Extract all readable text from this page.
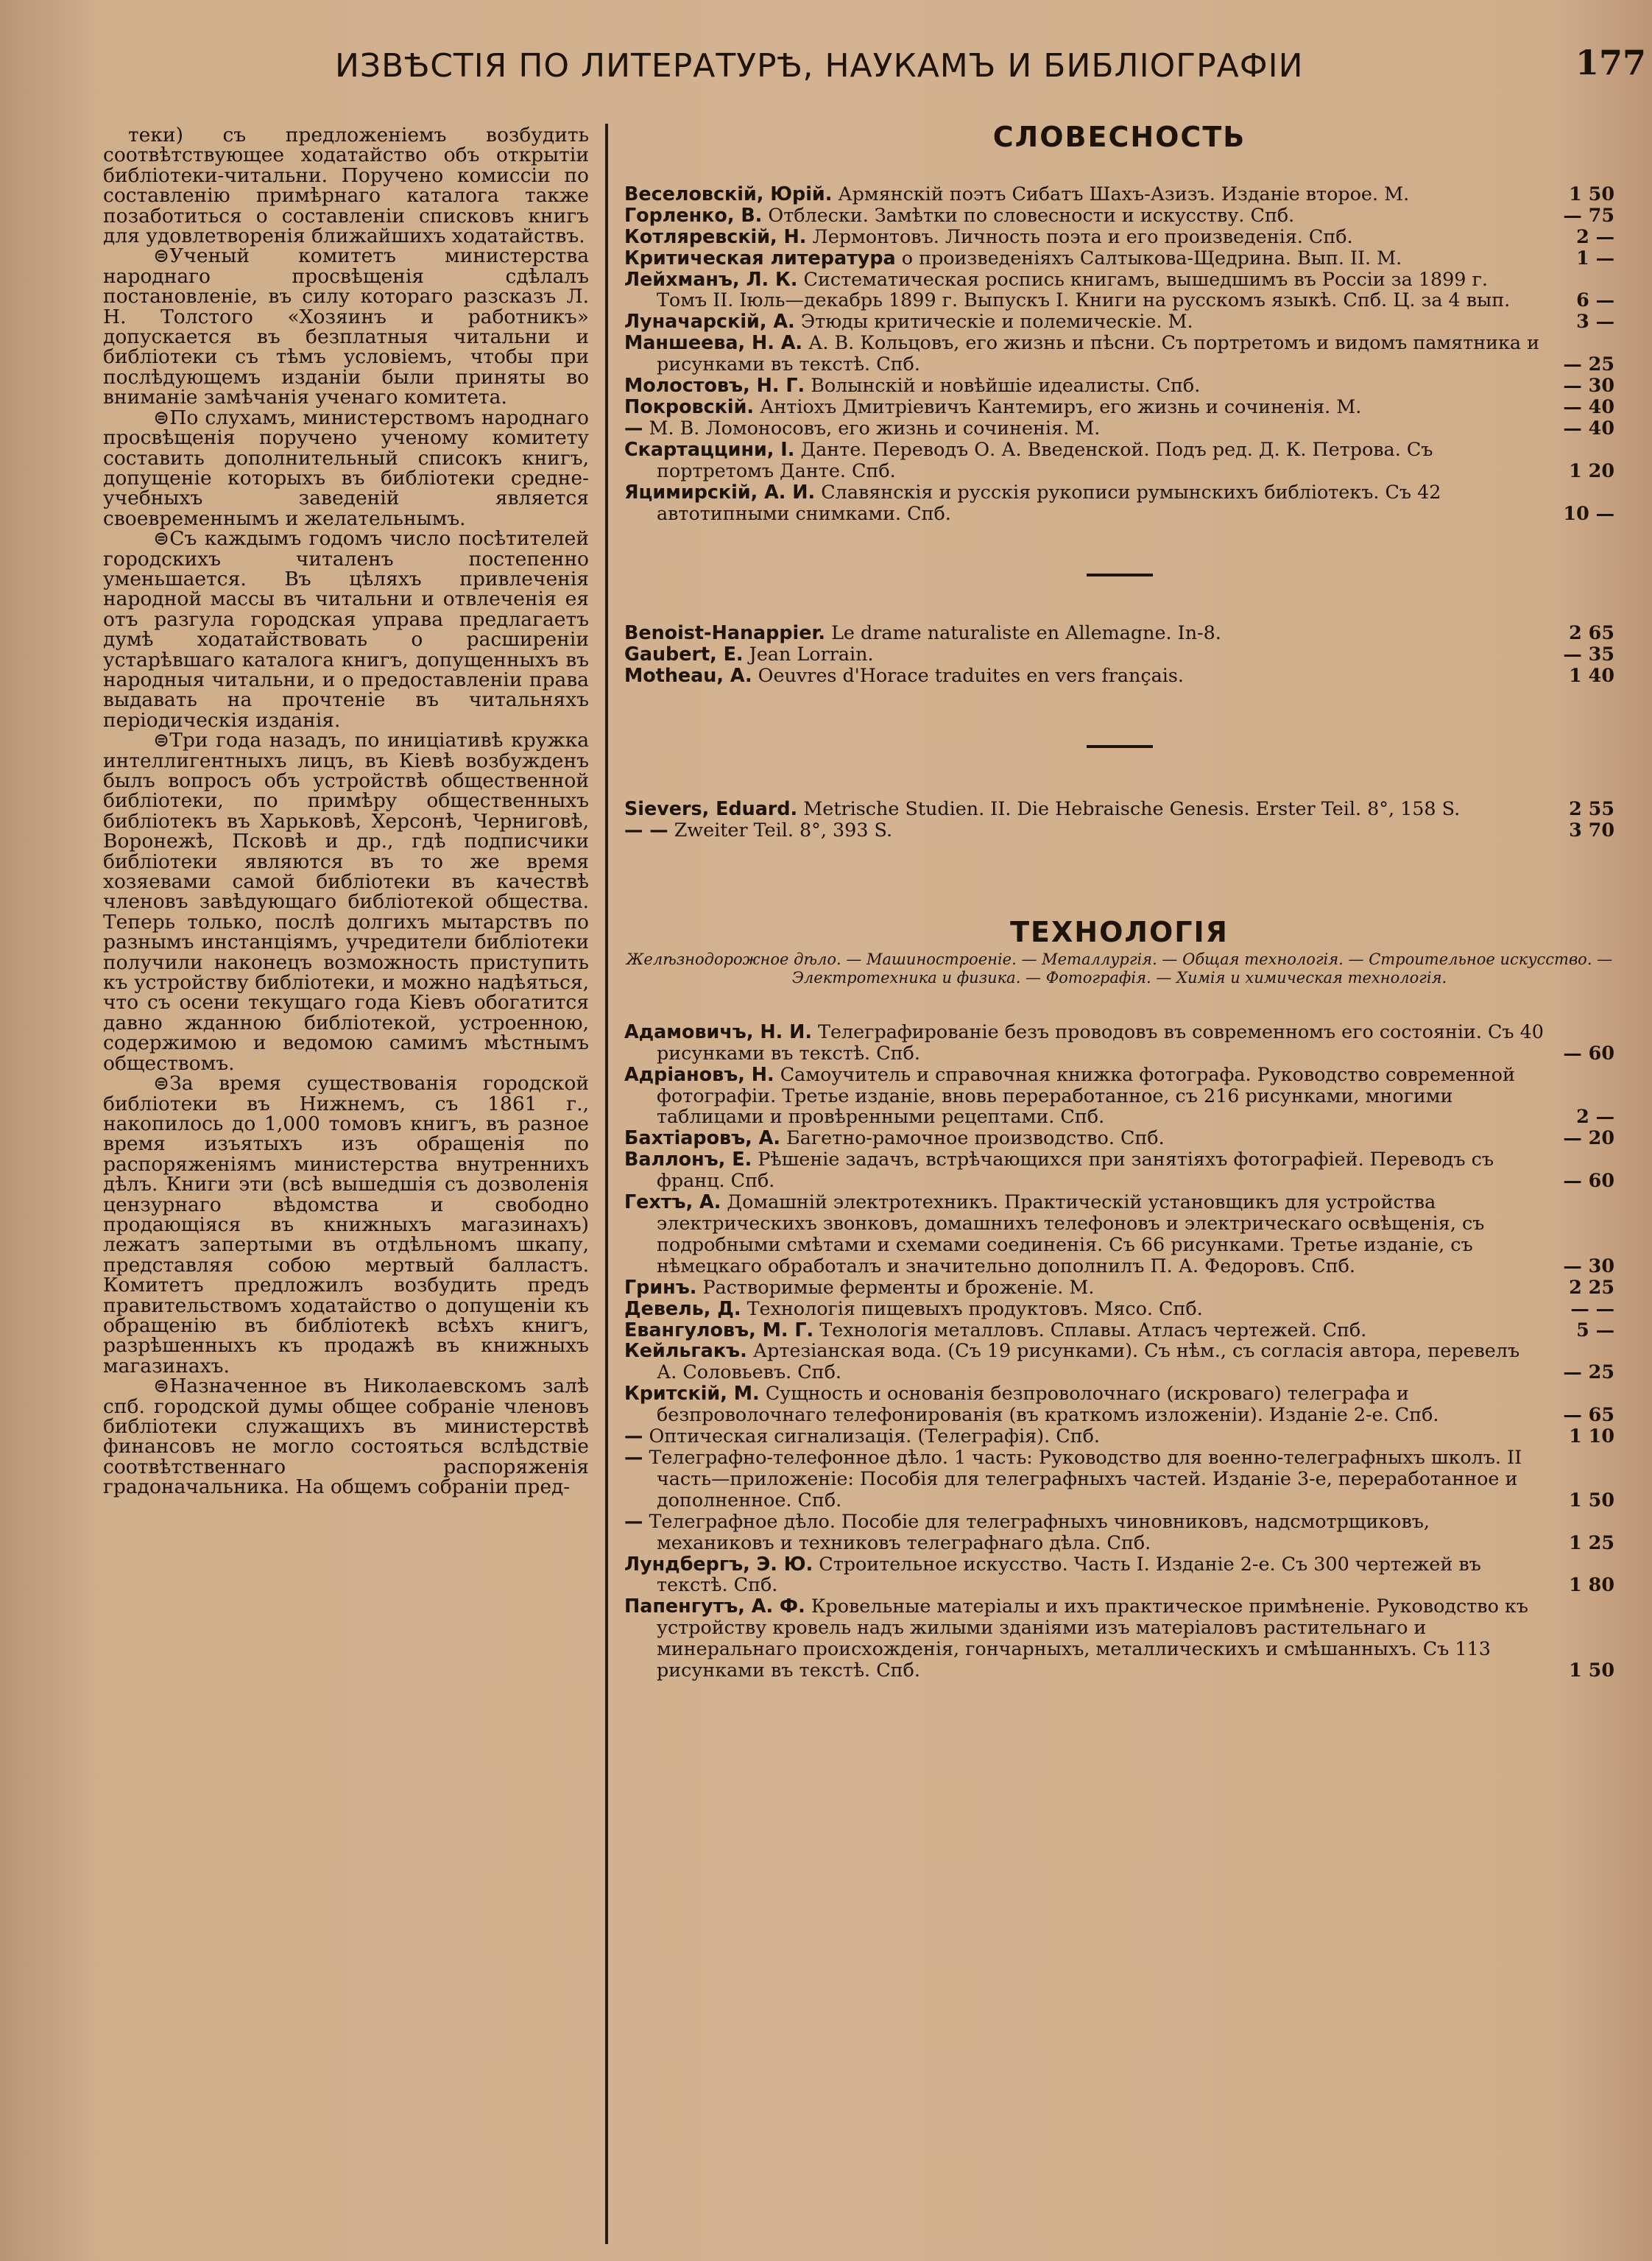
ИЗВѢСТІЯ ПО ЛИТЕРАТУРѢ, НАУКАМЪ И БИБЛІОГРАФІИ	177
теки) съ предложеніемъ возбудить соотвѣтствующее ходатайство объ открытіи библіотеки-читальни. Поручено комиссіи по составленію примѣрнаго каталога также позаботиться о составленіи списковъ книгъ для удовлетворенія ближайшихъ ходатайствъ.
⊜Ученый комитетъ министерства народнаго просвѣщенія сдѣлалъ постановленіе, въ силу котораго разсказъ Л. Н. Толстого «Хозяинъ и работникъ» допускается въ безплатныя читальни и библіотеки съ тѣмъ условіемъ, чтобы при послѣдующемъ изданіи были приняты во вниманіе замѣчанія ученаго комитета.
⊜По слухамъ, министерствомъ народнаго просвѣщенія поручено ученому комитету составить дополнительный списокъ книгъ, допущеніе которыхъ въ библіотеки средне-учебныхъ заведеній является своевременнымъ и желательнымъ.
⊜Съ каждымъ годомъ число посѣтителей городскихъ читаленъ постепенно уменьшается. Въ цѣляхъ привлеченія народной массы въ читальни и отвлеченія ея отъ разгула городская управа предлагаетъ думѣ ходатайствовать о расширеніи устарѣвшаго каталога книгъ, допущенныхъ въ народныя читальни, и о предоставленіи права выдавать на прочтеніе въ читальняхъ періодическія изданія.
⊜Три года назадъ, по иниціативѣ кружка интеллигентныхъ лицъ, въ Кіевѣ возбужденъ былъ вопросъ объ устройствѣ общественной библіотеки, по примѣру общественныхъ библіотекъ въ Харьковѣ, Херсонѣ, Черниговѣ, Воронежѣ, Псковѣ и др., гдѣ подписчики библіотеки являются въ то же время хозяевами самой библіотеки въ качествѣ членовъ завѣдующаго библіотекой общества. Теперь только, послѣ долгихъ мытарствъ по разнымъ инстанціямъ, учредители библіотеки получили наконецъ возможность приступить къ устройству библіотеки, и можно надѣяться, что съ осени текущаго года Кіевъ обогатится давно жданною библіотекой, устроенною, содержимою и ведомою самимъ мѣстнымъ обществомъ.
⊜За время существованія городской библіотеки въ Нижнемъ, съ 1861 г., накопилось до 1,000 томовъ книгъ, въ разное время изъятыхъ изъ обращенія по распоряженіямъ министерства внутреннихъ дѣлъ. Книги эти (всѣ вышедшія съ дозволенія цензурнаго вѣдомства и свободно продающіяся въ книжныхъ магазинахъ) лежатъ запертыми въ отдѣльномъ шкапу, представляя собою мертвый балластъ. Комитетъ предложилъ возбудить предъ правительствомъ ходатайство о допущеніи къ обращенію въ библіотекѣ всѣхъ книгъ, разрѣшенныхъ къ продажѣ въ книжныхъ магазинахъ.
⊜Назначенное въ Николаевскомъ залѣ спб. городской думы общее собраніе членовъ библіотеки служащихъ въ министерствѣ финансовъ не могло состояться вслѣдствіе соотвѣтственнаго распоряженія градоначальника. На общемъ собраніи пред-
СЛОВЕСНОСТЬ
Веселовскій, Юрій. Армянскій поэтъ Сибатъ Шахъ-Азизъ. Изданіе второе. М.	1 50
Горленко, В. Отблески. Замѣтки по словесности и искусству. Спб.	— 75
Котляревскій, Н. Лермонтовъ. Личность поэта и его произведенія. Спб.	2 —
Критическая литература о произведеніяхъ Салтыкова-Щедрина. Вып. II. М.	1 —
Лейхманъ, Л. К. Систематическая роспись книгамъ, вышедшимъ въ Россіи за 1899 г. Томъ II. Іюль—декабрь 1899 г. Выпускъ I. Книги на русскомъ языкѣ. Спб. Ц. за 4 вып.	6 —
Луначарскій, А. Этюды критическіе и полемическіе. М.	3 —
Маншеева, Н. А. А. В. Кольцовъ, его жизнь и пѣсни. Съ портретомъ и видомъ памятника и рисунками въ текстѣ. Спб.	— 25
Молостовъ, Н. Г. Волынскій и новѣйшіе идеалисты. Спб.	— 30
Покровскій. Антіохъ Дмитріевичъ Кантемиръ, его жизнь и сочиненія. М.	— 40
— М. В. Ломоносовъ, его жизнь и сочиненія. М.	— 40
Скартаццини, І. Данте. Переводъ О. А. Введенской. Подъ ред. Д. К. Петрова. Съ портретомъ Данте. Спб.	1 20
Яцимирскій, А. И. Славянскія и русскія рукописи румынскихъ библіотекъ. Съ 42 автотипными снимками. Спб.	10 —
Benoist-Hanappier. Le drame naturaliste en Allemagne. In-8.	2 65
Gaubert, E. Jean Lorrain.	— 35
Motheau, A. Oeuvres d'Horace traduites en vers français.	1 40
Sievers, Eduard. Metrische Studien. II. Die Hebraische Genesis. Erster Teil. 8°, 158 S.	2 55
— — Zweiter Teil. 8°, 393 S.	3 70
ТЕХНОЛОГІЯ
Желѣзнодорожное дѣло. — Машиностроеніе. — Металлургія. — Общая технологія. — Строительное искусство. — Электротехника и физика. — Фотографія. — Химія и химическая технологія.
Адамовичъ, Н. И. Телеграфированіе безъ проводовъ въ современномъ его состояніи. Съ 40 рисунками въ текстѣ. Спб.	— 60
Адріановъ, Н. Самоучитель и справочная книжка фотографа. Руководство современной фотографіи. Третье изданіе, вновь переработанное, съ 216 рисунками, многими таблицами и провѣренными рецептами. Спб.	2 —
Бахтіаровъ, А. Багетно-рамочное производство. Спб.	— 20
Валлонъ, Е. Рѣшеніе задачъ, встрѣчающихся при занятіяхъ фотографіей. Переводъ съ франц. Спб.	— 60
Гехтъ, А. Домашній электротехникъ. Практическій установщикъ для устройства электрическихъ звонковъ, домашнихъ телефоновъ и электрическаго освѣщенія, съ подробными смѣтами и схемами соединенія. Съ 66 рисунками. Третье изданіе, съ нѣмецкаго обработалъ и значительно дополнилъ П. А. Федоровъ. Спб.	— 30
Гринъ. Растворимые ферменты и броженіе. М.	2 25
Девель, Д. Технологія пищевыхъ продуктовъ. Мясо. Спб.	— —
Евангуловъ, М. Г. Технологія металловъ. Сплавы. Атласъ чертежей. Спб.	5 —
Кейльгакъ. Артезіанская вода. (Съ 19 рисунками). Съ нѣм., съ согласія автора, перевелъ А. Соловьевъ. Спб.	— 25
Критскій, М. Сущность и основанія безпроволочнаго (искроваго) телеграфа и безпроволочнаго телефонированія (въ краткомъ изложеніи). Изданіе 2-е. Спб.	— 65
— Оптическая сигнализація. (Телеграфія). Спб.	1 10
— Телеграфно-телефонное дѣло. 1 часть: Руководство для военно-телеграфныхъ школъ. II часть—приложеніе: Пособія для телеграфныхъ частей. Изданіе 3-е, переработанное и дополненное. Спб.	1 50
— Телеграфное дѣло. Пособіе для телеграфныхъ чиновниковъ, надсмотрщиковъ, механиковъ и техниковъ телеграфнаго дѣла. Спб.	1 25
Лундбергъ, Э. Ю. Строительное искусство. Часть I. Изданіе 2-е. Съ 300 чертежей въ текстѣ. Спб.	1 80
Папенгутъ, А. Ф. Кровельные матеріалы и ихъ практическое примѣненіе. Руководство къ устройству кровель надъ жилыми зданіями изъ матеріаловъ растительнаго и минеральнаго происхожденія, гончарныхъ, металлическихъ и смѣшанныхъ. Съ 113 рисунками въ текстѣ. Спб.	1 50
